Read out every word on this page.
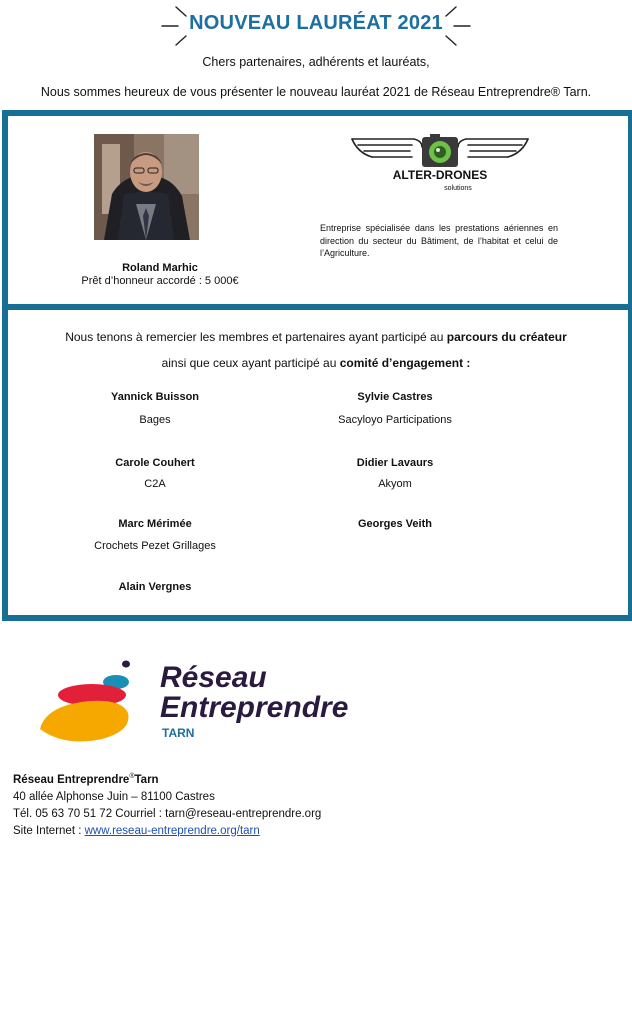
NOUVEAU LAURÉAT 2021
Chers partenaires, adhérents et lauréats,
Nous sommes heureux de vous présenter le nouveau lauréat 2021 de Réseau Entreprendre® Tarn.
Roland Marhic
Prêt d’honneur accordé : 5 000€
ALTER-DRONES
solutions
Entreprise spécialisée dans les prestations aériennes en direction du secteur du Bâtiment, de l’habitat et celui de l’Agriculture.
Nous tenons à remercier les membres et partenaires ayant participé au parcours du créateur
ainsi que ceux ayant participé au comité d’engagement :
Yannick Buisson
Bages
Sylvie Castres
Sacyloyo Participations
Carole Couhert
C2A
Didier Lavaurs
Akyom
Marc Mérimée
Crochets Pezet Grillages
Georges Veith
Alain Vergnes
Réseau
Entreprendre
TARN
Réseau Entreprendre®Tarn
40 allée Alphonse Juin – 81100 Castres
Tél. 05 63 70 51 72 Courriel : tarn@reseau-entreprendre.org
Site Internet : www.reseau-entreprendre.org/tarn
